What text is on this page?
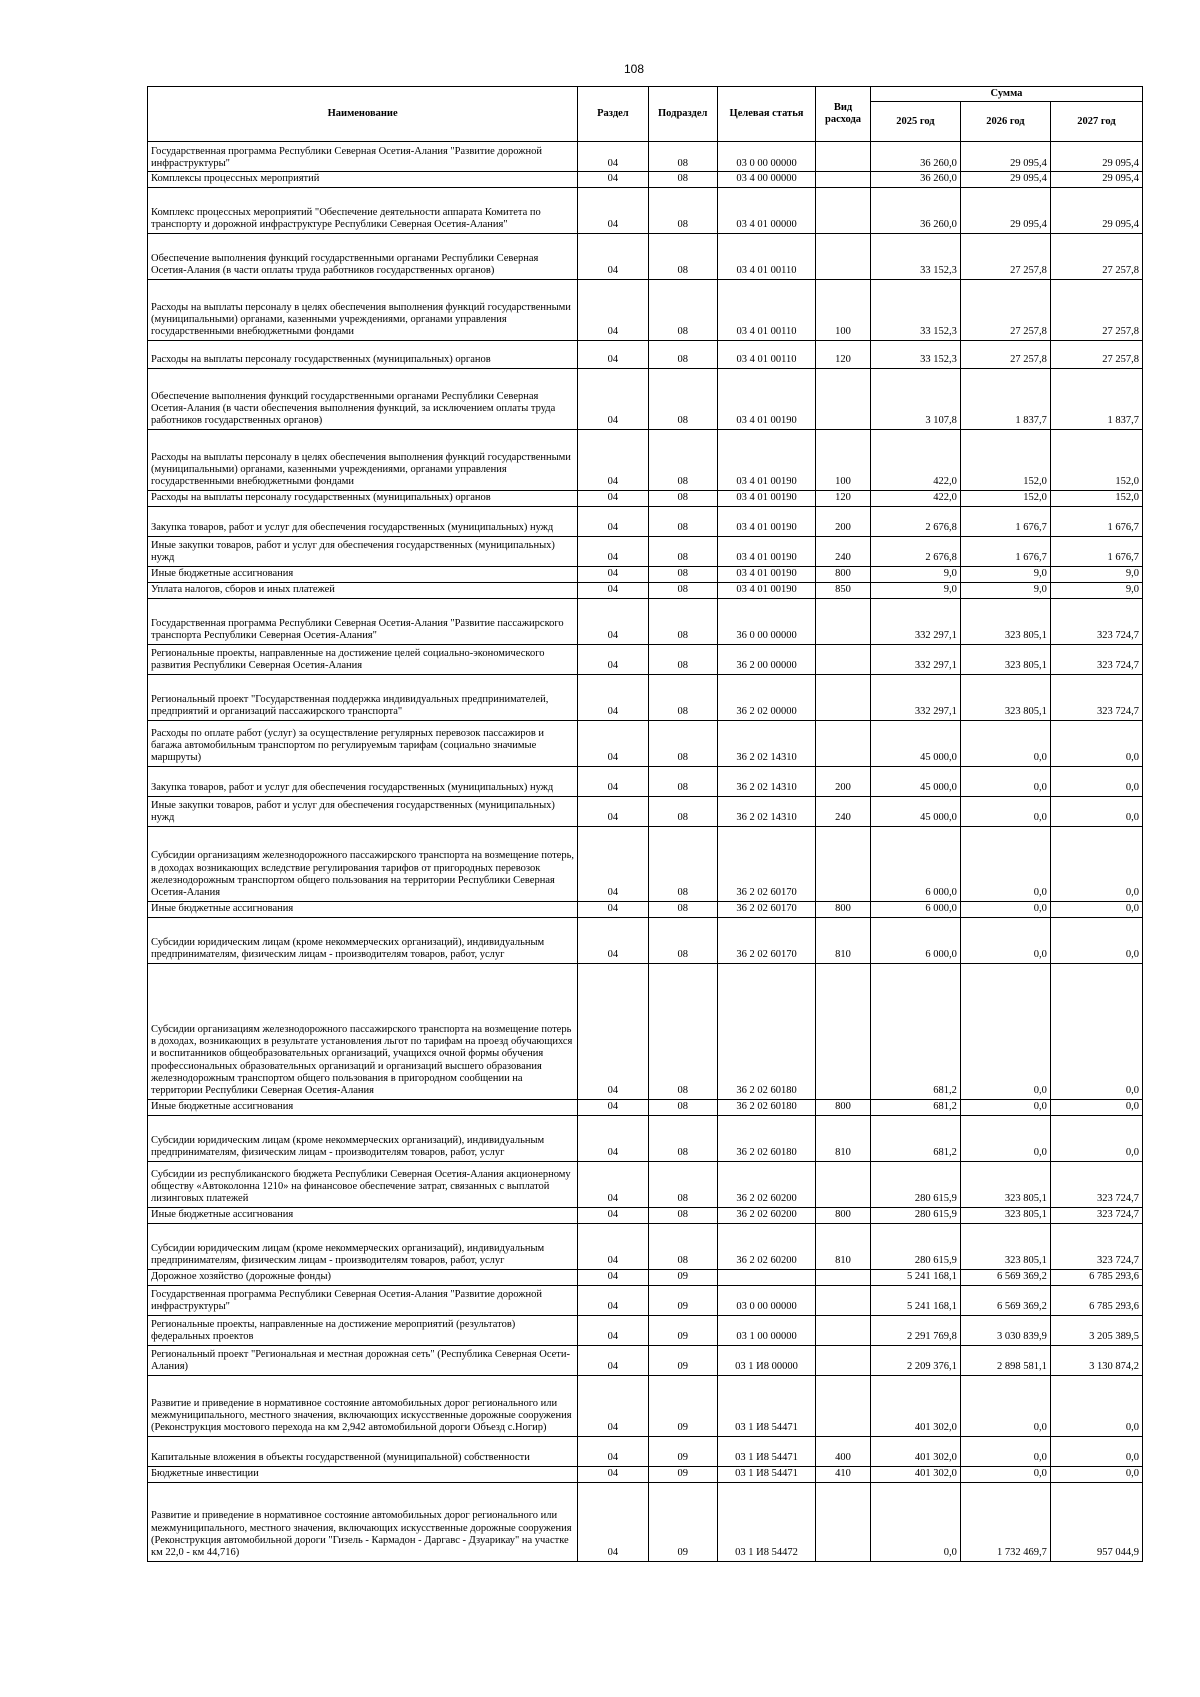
108
Наименование	Раздел	Подраздел	Целевая статья	Вид расхода	Сумма		
					2025 год	2026 год	2027 год
Государственная программа Республики Северная Осетия-Алания "Развитие дорожной инфраструктуры"	04	08	03 0 00 00000		36 260,0	29 095,4	29 095,4
Комплексы процессных мероприятий	04	08	03 4 00 00000		36 260,0	29 095,4	29 095,4
Комплекс процессных мероприятий "Обеспечение деятельности аппарата Комитета по транспорту и дорожной инфраструктуре Республики Северная Осетия-Алания"	04	08	03 4 01 00000		36 260,0	29 095,4	29 095,4
Обеспечение выполнения функций государственными органами Республики Северная Осетия-Алания (в части оплаты труда работников государственных органов)	04	08	03 4 01 00110		33 152,3	27 257,8	27 257,8
Расходы на выплаты персоналу в целях обеспечения выполнения функций государственными (муниципальными) органами, казенными учреждениями, органами управления государственными внебюджетными фондами	04	08	03 4 01 00110	100	33 152,3	27 257,8	27 257,8
Расходы на выплаты персоналу государственных (муниципальных) органов	04	08	03 4 01 00110	120	33 152,3	27 257,8	27 257,8
Обеспечение выполнения функций государственными органами Республики Северная Осетия-Алания (в части обеспечения выполнения функций, за исключением оплаты труда работников государственных органов)	04	08	03 4 01 00190		3 107,8	1 837,7	1 837,7
Расходы на выплаты персоналу в целях обеспечения выполнения функций государственными (муниципальными) органами, казенными учреждениями, органами управления государственными внебюджетными фондами	04	08	03 4 01 00190	100	422,0	152,0	152,0
Расходы на выплаты персоналу государственных (муниципальных) органов	04	08	03 4 01 00190	120	422,0	152,0	152,0
Закупка товаров, работ и услуг для обеспечения государственных (муниципальных) нужд	04	08	03 4 01 00190	200	2 676,8	1 676,7	1 676,7
Иные закупки товаров, работ и услуг для обеспечения государственных (муниципальных) нужд	04	08	03 4 01 00190	240	2 676,8	1 676,7	1 676,7
Иные бюджетные ассигнования	04	08	03 4 01 00190	800	9,0	9,0	9,0
Уплата налогов, сборов и иных платежей	04	08	03 4 01 00190	850	9,0	9,0	9,0
Государственная программа Республики Северная Осетия-Алания "Развитие пассажирского транспорта Республики Северная Осетия-Алания"	04	08	36 0 00 00000		332 297,1	323 805,1	323 724,7
Региональные проекты, направленные на достижение целей социально-экономического развития Республики Северная Осетия-Алания	04	08	36 2 00 00000		332 297,1	323 805,1	323 724,7
Региональный проект "Государственная поддержка индивидуальных предпринимателей, предприятий и организаций пассажирского транспорта"	04	08	36 2 02 00000		332 297,1	323 805,1	323 724,7
Расходы по оплате работ (услуг) за осуществление регулярных перевозок пассажиров и багажа автомобильным транспортом по регулируемым тарифам (социально значимые маршруты)	04	08	36 2 02 14310		45 000,0	0,0	0,0
Закупка товаров, работ и услуг для обеспечения государственных (муниципальных) нужд	04	08	36 2 02 14310	200	45 000,0	0,0	0,0
Иные закупки товаров, работ и услуг для обеспечения государственных (муниципальных) нужд	04	08	36 2 02 14310	240	45 000,0	0,0	0,0
Субсидии организациям железнодорожного пассажирского транспорта на возмещение потерь, в доходах возникающих вследствие регулирования тарифов от пригородных перевозок железнодорожным транспортом общего пользования на территории Республики Северная Осетия-Алания	04	08	36 2 02 60170		6 000,0	0,0	0,0
Иные бюджетные ассигнования	04	08	36 2 02 60170	800	6 000,0	0,0	0,0
Субсидии юридическим лицам (кроме некоммерческих организаций), индивидуальным предпринимателям, физическим лицам - производителям товаров, работ, услуг	04	08	36 2 02 60170	810	6 000,0	0,0	0,0
Субсидии организациям железнодорожного пассажирского транспорта на возмещение потерь в доходах, возникающих в результате установления льгот по тарифам на проезд обучающихся и воспитанников общеобразовательных организаций, учащихся очной формы обучения профессиональных образовательных организаций и организаций высшего образования железнодорожным транспортом общего пользования в пригородном сообщении на территории Республики Северная Осетия-Алания	04	08	36 2 02 60180		681,2	0,0	0,0
Иные бюджетные ассигнования	04	08	36 2 02 60180	800	681,2	0,0	0,0
Субсидии юридическим лицам (кроме некоммерческих организаций), индивидуальным предпринимателям, физическим лицам - производителям товаров, работ, услуг	04	08	36 2 02 60180	810	681,2	0,0	0,0
Субсидии из республиканского бюджета Республики Северная Осетия-Алания акционерному обществу «Автоколонна 1210» на финансовое обеспечение затрат, связанных с выплатой лизинговых платежей	04	08	36 2 02 60200		280 615,9	323 805,1	323 724,7
Иные бюджетные ассигнования	04	08	36 2 02 60200	800	280 615,9	323 805,1	323 724,7
Субсидии юридическим лицам (кроме некоммерческих организаций), индивидуальным предпринимателям, физическим лицам - производителям товаров, работ, услуг	04	08	36 2 02 60200	810	280 615,9	323 805,1	323 724,7
Дорожное хозяйство (дорожные фонды)	04	09			5 241 168,1	6 569 369,2	6 785 293,6
Государственная программа Республики Северная Осетия-Алания "Развитие дорожной инфраструктуры"	04	09	03 0 00 00000		5 241 168,1	6 569 369,2	6 785 293,6
Региональные проекты, направленные на достижение мероприятий (результатов) федеральных проектов	04	09	03 1 00 00000		2 291 769,8	3 030 839,9	3 205 389,5
Региональный проект "Региональная и местная дорожная сеть" (Республика Северная Осети-Алания)	04	09	03 1 И8 00000		2 209 376,1	2 898 581,1	3 130 874,2
Развитие и приведение в нормативное состояние автомобильных дорог регионального или межмуниципального, местного значения, включающих искусственные дорожные сооружения (Реконструкция мостового перехода на км 2,942 автомобильной дороги Объезд с.Ногир)	04	09	03 1 И8 54471		401 302,0	0,0	0,0
Капитальные вложения в объекты государственной (муниципальной) собственности	04	09	03 1 И8 54471	400	401 302,0	0,0	0,0
Бюджетные инвестиции	04	09	03 1 И8 54471	410	401 302,0	0,0	0,0
Развитие и приведение в нормативное состояние автомобильных дорог регионального или межмуниципального, местного значения, включающих искусственные дорожные сооружения (Реконструкция автомобильной дороги "Гизель - Кармадон - Даргавс - Дзуарикау" на участке км 22,0 - км 44,716)	04	09	03 1 И8 54472		0,0	1 732 469,7	957 044,9
